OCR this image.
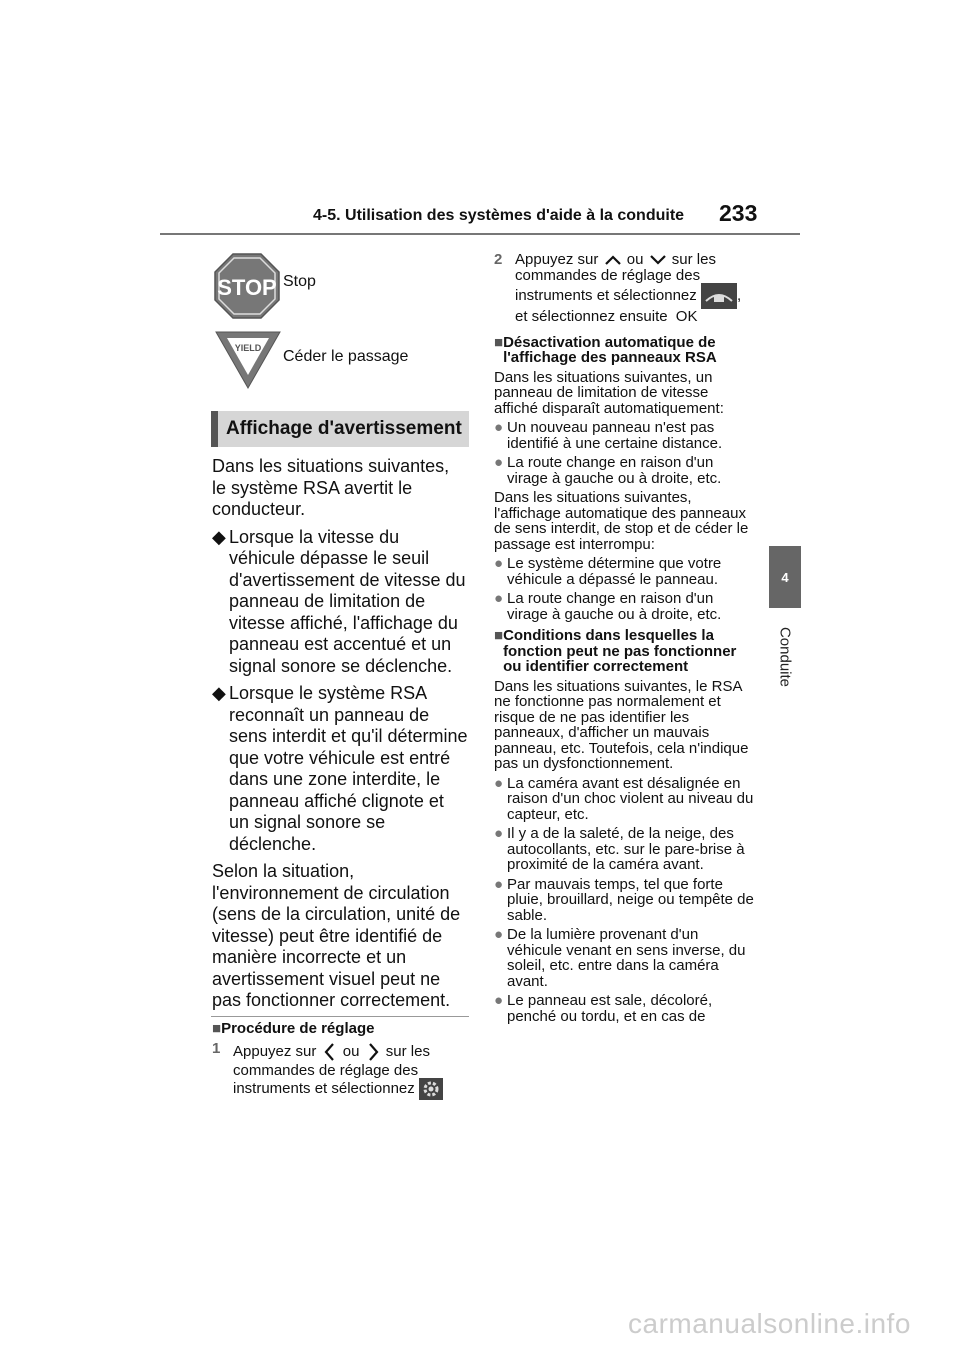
4-5. Utilisation des systèmes d'aide à la conduite 233
4
Conduite
STOP Stop
YIELD Céder le passage
Affichage d'avertissement
Dans les situations suivantes, le système RSA avertit le conducteur.
◆ Lorsque la vitesse du véhicule dépasse le seuil d'avertissement de vitesse du panneau de limitation de vitesse affiché, l'affichage du panneau est accentué et un signal sonore se déclenche.
◆ Lorsque le système RSA reconnaît un panneau de sens interdit et qu'il détermine que votre véhicule est entré dans une zone interdite, le panneau affiché clignote et un signal sonore se déclenche.
Selon la situation, l'environnement de circulation (sens de la circulation, unité de vitesse) peut être identifié de manière incorrecte et un avertissement visuel peut ne pas fonctionner correctement.
■Procédure de réglage
1 Appuyez sur ou sur les commandes de réglage des instruments et sélectionnez
2 Appuyez sur ou sur les commandes de réglage des instruments et sélectionnez	,
et sélectionnez ensuite OK
■ Désactivation automatique de l'affichage des panneaux RSA
Dans les situations suivantes, un panneau de limitation de vitesse affiché disparaît automatiquement:
● Un nouveau panneau n'est pas identifié à une certaine distance.
● La route change en raison d'un virage à gauche ou à droite, etc.
Dans les situations suivantes, l'affichage automatique des panneaux de sens interdit, de stop et de céder le passage est interrompu:
● Le système détermine que votre véhicule a dépassé le panneau.
● La route change en raison d'un virage à gauche ou à droite, etc.
■ Conditions dans lesquelles la fonction peut ne pas fonctionner ou identifier correctement
Dans les situations suivantes, le RSA ne fonctionne pas normalement et risque de ne pas identifier les panneaux, d'afficher un mauvais panneau, etc. Toutefois, cela n'indique pas un dysfonctionnement.
● La caméra avant est désalignée en raison d'un choc violent au niveau du capteur, etc.
● Il y a de la saleté, de la neige, des autocollants, etc. sur le pare-brise à proximité de la caméra avant.
● Par mauvais temps, tel que forte pluie, brouillard, neige ou tempête de sable.
● De la lumière provenant d'un véhicule venant en sens inverse, du soleil, etc. entre dans la caméra avant.
● Le panneau est sale, décoloré, penché ou tordu, et en cas de
carmanualsonline.info
